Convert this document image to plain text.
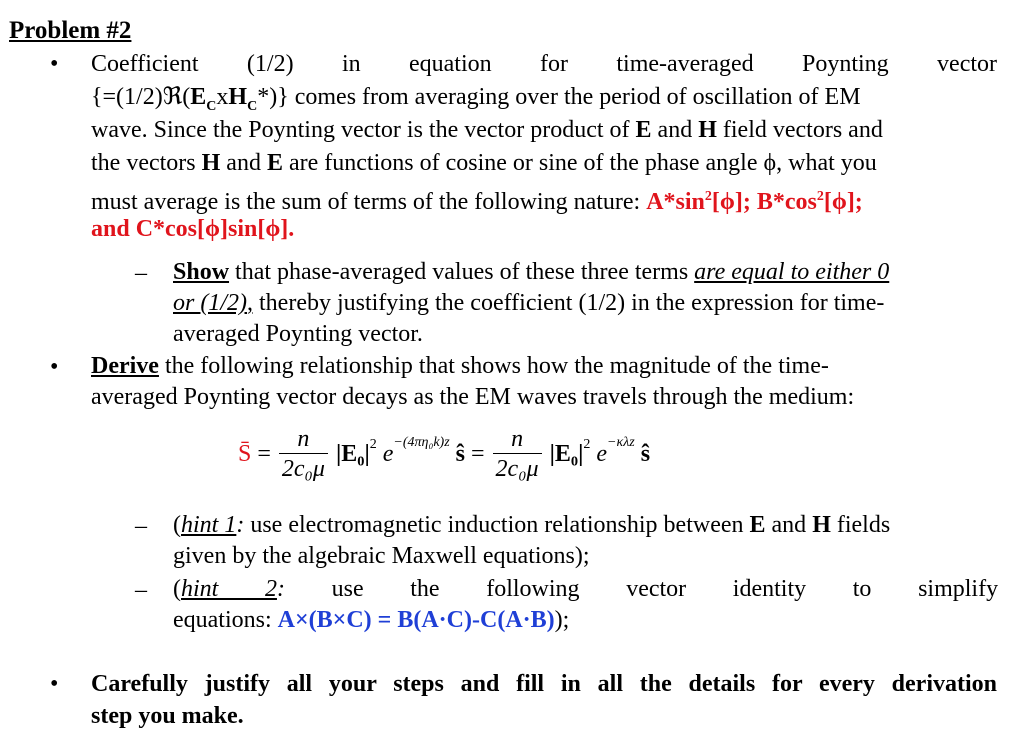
Problem #2
• Coefficient (1/2) in equation for time-averaged Poynting vector
$\{=(1/2)ℜ(E_CxH_C*)\}$ comes from averaging over the period of oscillation of EM
wave. Since the Poynting vector is the vector product of E and H field vectors and
the vectors H and E are functions of cosine or sine of the phase angle ϕ, what you
must average is the sum of terms of the following nature: $A*\sin^2[\phi]$; $B*\cos^2[\phi]$;
and C*cos[ϕ]sin[ϕ].
– Show that phase-averaged values of these three terms are equal to either 0
or (1/2), thereby justifying the coefficient (1/2) in the expression for time-
averaged Poynting vector.
• Derive the following relationship that shows how the magnitude of the time-
averaged Poynting vector decays as the EM waves travels through the medium:
S̄ = $\frac{n}{\text{2c₀μ}} |E_0|^2$ $e^{-(4\pi\eta_0k)z}$ ŝ = $\frac{n}{\text{2c₀μ}} |E_0|^2$ $e^{-\kappa\lambda z}$ ŝ
– (hint 1: use electromagnetic induction relationship between E and H fields
given by the algebraic Maxwell equations);
– (hint 2: use the following vector identity to simplify
equations: A×(B×C) = B(A·C)-C(A·B));
• Carefully justify all your steps and fill in all the details for every derivation
step you make.
